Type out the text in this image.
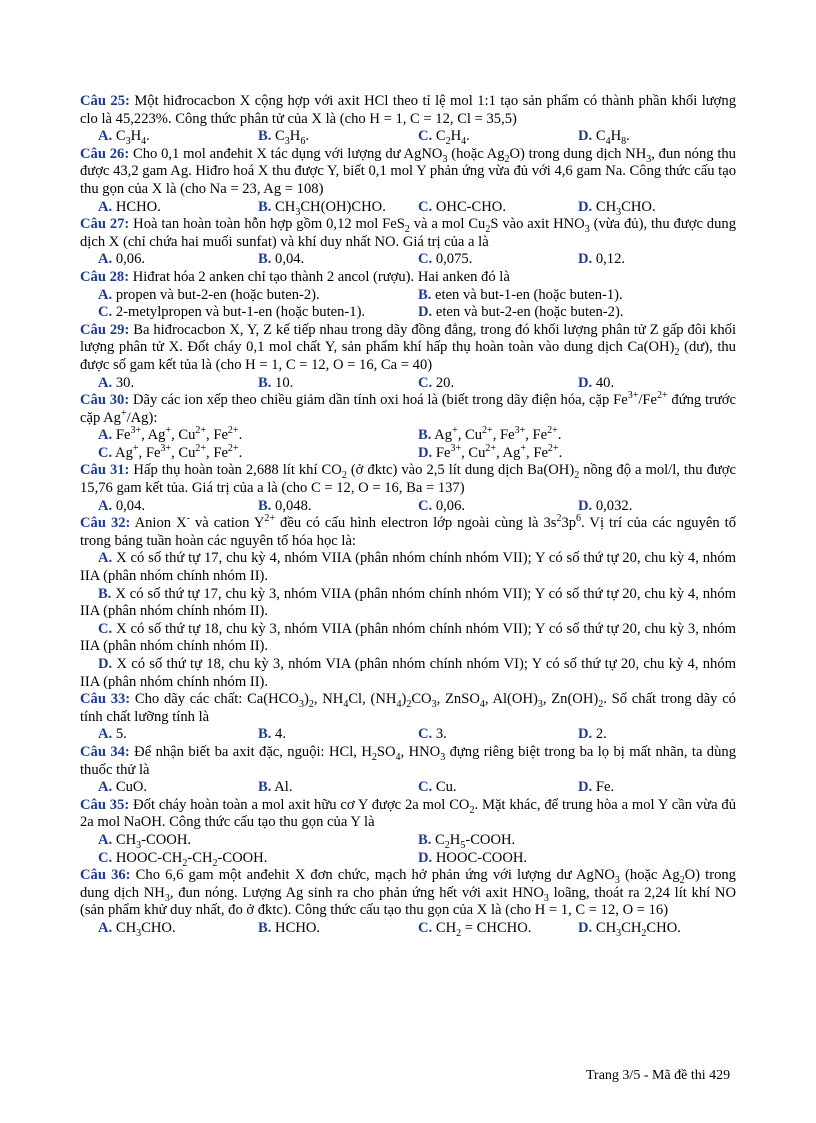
Câu 25: Một hiđrocacbon X cộng hợp với axit HCl theo tỉ lệ mol 1:1 tạo sản phẩm có thành phần khối lượng clo là 45,223%. Công thức phân tử của X là (cho H = 1, C = 12, Cl = 35,5)

A. $C_3H_4$.	B. $C_3H_6$.	C. $C_2H_4$.	D. $C_4H_8$.

Câu 26: Cho 0,1 mol anđehit X tác dụng với lượng dư AgNO$_3$ (hoặc $Ag_2O$) trong dung dịch $NH_3$, đun nóng thu được 43,2 gam Ag. Hiđro hoá X thu được Y, biết 0,1 mol Y phản ứng vừa đủ với 4,6 gam Na. Công thức cấu tạo thu gọn của X là (cho Na = 23, Ag = 108)

A. HCHO.	B. $CH_3CH(OH)CHO$.	C. OHC-CHO.	D. $CH_3CHO$.

Câu 27: Hoà tan hoàn toàn hỗn hợp gồm 0,12 mol FeS$_2$ và a mol $Cu_2S$ vào axit $HNO_3$ (vừa đủ), thu được dung dịch X (chỉ chứa hai muối sunfat) và khí duy nhất NO. Giá trị của a là

A. 0,06.	B. 0,04.	C. 0,075.	D. 0,12.

Câu 28: Hiđrat hóa 2 anken chỉ tạo thành 2 ancol (rượu). Hai anken đó là

A. propen và but-2-en (hoặc buten-2).	B. eten và but-1-en (hoặc buten-1).
C. 2-metylpropen và but-1-en (hoặc buten-1).	D. eten và but-2-en (hoặc buten-2).

Câu 29: Ba hiđrocacbon X, Y, Z kế tiếp nhau trong dãy đồng đẳng, trong đó khối lượng phân tử Z gấp đôi khối lượng phân tử X. Đốt cháy 0,1 mol chất Y, sản phẩm khí hấp thụ hoàn toàn vào dung dịch $Ca(OH)_2$ (dư), thu được số gam kết tủa là (cho H = 1, C = 12, O = 16, Ca = 40)

A. 30.	B. 10.	C. 20.	D. 40.

Câu 30: Dãy các ion xếp theo chiều giảm dần tính oxi hoá là (biết trong dãy điện hóa, cặp $Fe^{3+}/Fe^{2+}$ đứng trước cặp Ag+/Ag):

A. $Fe^{3+}$, Ag+, $Cu^{2+}$, $Fe^{2+}$.	B. Ag+, $Cu^{2+}$, $Fe^{3+}$, $Fe^{2+}$.
C. Ag+, $Fe^{3+}$, $Cu^{2+}$, $Fe^{2+}$.	D. $Fe^{3+}$, $Cu^{2+}$, Ag+, $Fe^{2+}$.

Câu 31: Hấp thụ hoàn toàn 2,688 lít khí $CO_2$ (ở đktc) vào 2,5 lít dung dịch $Ba(OH)_2$ nồng độ a mol/l, thu được 15,76 gam kết tủa. Giá trị của a là (cho C = 12, O = 16, Ba = 137)

A. 0,04.	B. 0,048.	C. 0,06.	D. 0,032.

Câu 32: Anion X- và cation $Y^{2+}$ đều có cấu hình electron lớp ngoài cùng là $3s^23p^6$. Vị trí của các nguyên tố trong bảng tuần hoàn các nguyên tố hóa học là:

A. X có số thứ tự 17, chu kỳ 4, nhóm VIIA (phân nhóm chính nhóm VII); Y có số thứ tự 20, chu kỳ 4, nhóm IIA (phân nhóm chính nhóm II).

B. X có số thứ tự 17, chu kỳ 3, nhóm VIIA (phân nhóm chính nhóm VII); Y có số thứ tự 20, chu kỳ 4, nhóm IIA (phân nhóm chính nhóm II).

C. X có số thứ tự 18, chu kỳ 3, nhóm VIIA (phân nhóm chính nhóm VII); Y có số thứ tự 20, chu kỳ 3, nhóm IIA (phân nhóm chính nhóm II).

D. X có số thứ tự 18, chu kỳ 3, nhóm VIA (phân nhóm chính nhóm VI); Y có số thứ tự 20, chu kỳ 4, nhóm IIA (phân nhóm chính nhóm II).

Câu 33: Cho dãy các chất: $Ca(HCO_3)_2$, $NH_4Cl$, $(NH_4)_2CO_3$, ZnSO$_4$, $Al(OH)_3$, $Zn(OH)_2$. Số chất trong dãy có tính chất lưỡng tính là

A. 5.	B. 4.	C. 3.	D. 2.

Câu 34: Để nhận biết ba axit đặc, nguội: HCl, $H_2SO_4$, $HNO_3$ đựng riêng biệt trong ba lọ bị mất nhãn, ta dùng thuốc thử là

A. CuO.	B. Al.	C. Cu.	D. Fe.

Câu 35: Đốt cháy hoàn toàn a mol axit hữu cơ Y được 2a mol $CO_2$. Mặt khác, để trung hòa a mol Y cần vừa đủ 2a mol NaOH. Công thức cấu tạo thu gọn của Y là

A. $CH_3$-COOH.	B. $C_2H_5$-COOH.
C. HOOC-$CH_2-CH_2$-COOH.	D. HOOC-COOH.

Câu 36: Cho 6,6 gam một anđehit X đơn chức, mạch hở phản ứng với lượng dư AgNO$_3$ (hoặc $Ag_2O$) trong dung dịch $NH_3$, đun nóng. Lượng Ag sinh ra cho phản ứng hết với axit $HNO_3$ loãng, thoát ra 2,24 lít khí NO (sản phẩm khử duy nhất, đo ở đktc). Công thức cấu tạo thu gọn của X là (cho H = 1, C = 12, O = 16)

A. $CH_3CHO$.	B. HCHO.	C. $CH_2$ = CHCHO.	D. $CH_3CH_2CHO$.
Trang 3/5 - Mã đề thi 429
